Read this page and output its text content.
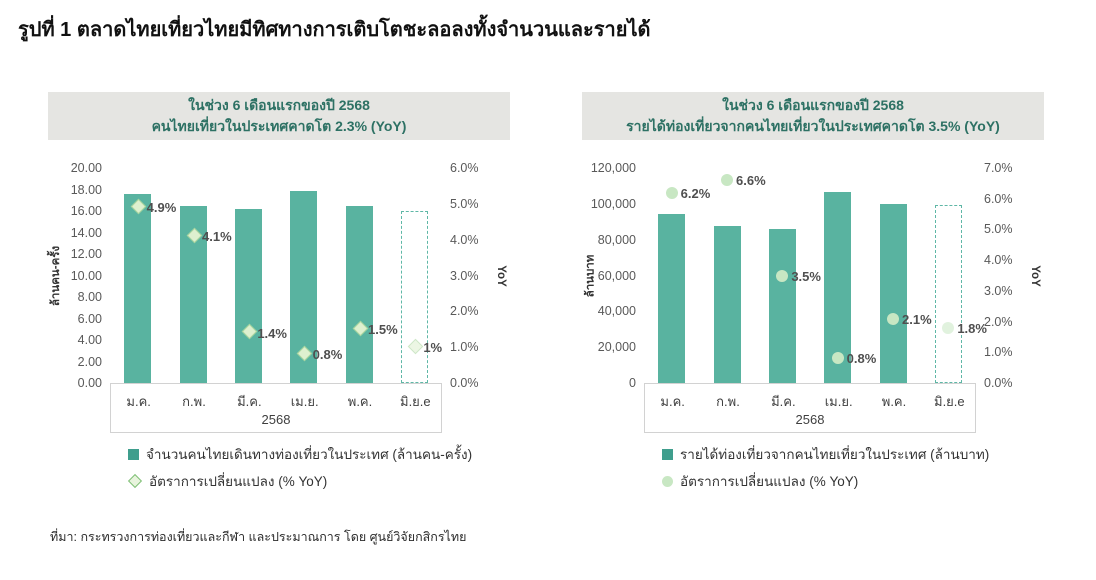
รูปที่ 1 ตลาดไทยเที่ยวไทยมีทิศทางการเติบโตชะลอลงทั้งจำนวนและรายได้
ในช่วง 6 เดือนแรกของปี 2568
คนไทยเที่ยวในประเทศคาดโต 2.3% (YoY)
ล้านคน-ครั้ง
20.00
18.00
16.00
14.00
12.00
10.00
8.00
6.00
4.00
2.00
0.00
4.9%
4.1%
1.4%
0.8%
1.5%
1%
6.0%
5.0%
4.0%
3.0%
2.0%
1.0%
0.0%
YoY
ม.ค.	ก.พ.	มี.ค.	เม.ย.	พ.ค.	มิ.ย.e
2568
จำนวนคนไทยเดินทางท่องเที่ยวในประเทศ (ล้านคน-ครั้ง)
อัตราการเปลี่ยนแปลง (% YoY)
ในช่วง 6 เดือนแรกของปี 2568
รายได้ท่องเที่ยวจากคนไทยเที่ยวในประเทศคาดโต 3.5% (YoY)
ล้านบาท
120,000
100,000
80,000
60,000
40,000
20,000
0
6.2%
6.6%
3.5%
0.8%
2.1%
1.8%
7.0%
6.0%
5.0%
4.0%
3.0%
2.0%
1.0%
0.0%
YoY
ม.ค.	ก.พ.	มี.ค.	เม.ย.	พ.ค.	มิ.ย.e
2568
รายได้ท่องเที่ยวจากคนไทยเที่ยวในประเทศ (ล้านบาท)
อัตราการเปลี่ยนแปลง (% YoY)
ที่มา: กระทรวงการท่องเที่ยวและกีฬา และประมาณการ โดย ศูนย์วิจัยกสิกรไทย
